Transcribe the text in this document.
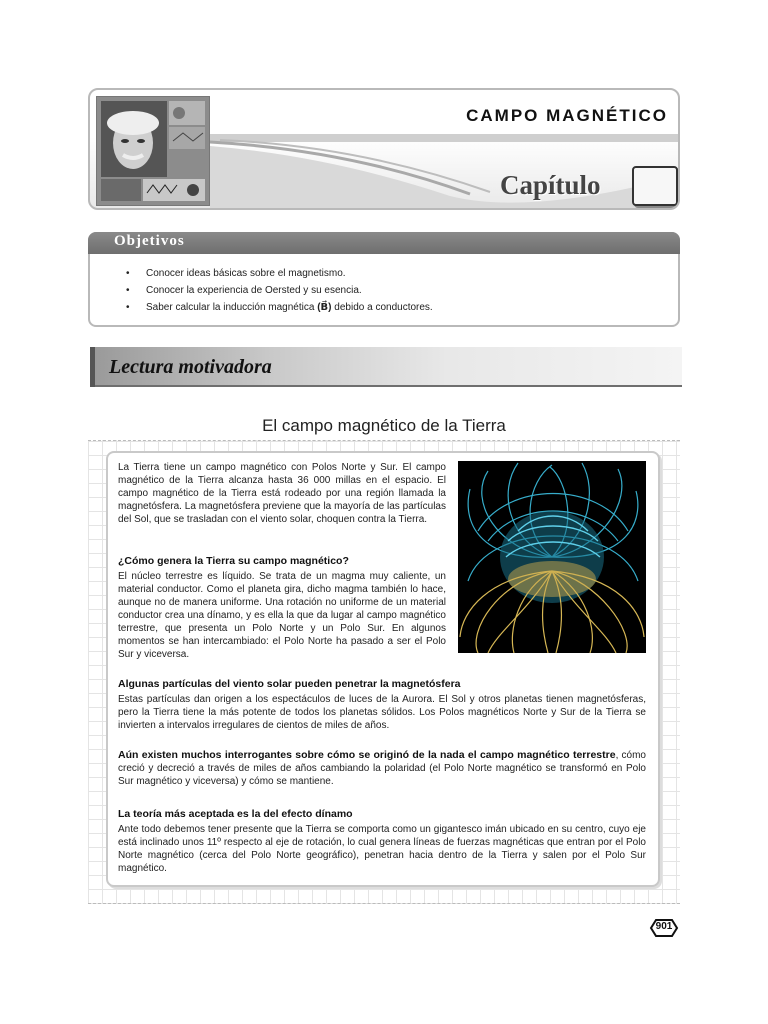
CAMPO MAGNÉTICO
Capítulo
Objetivos
• Conocer ideas básicas sobre el magnetismo.
• Conocer la experiencia de Oersted y su esencia.
• Saber calcular la inducción magnética (B⃗) debido a conductores.
Lectura motivadora
El campo magnético de la Tierra

La Tierra tiene un campo magnético con Polos Norte y Sur. El campo magnético de la Tierra alcanza hasta 36 000 millas en el espacio. El campo magnético de la Tierra está rodeado por una región llamada la magnetósfera. La magnetósfera previene que la mayoría de las partículas del Sol, que se trasladan con el viento solar, choquen contra la Tierra.

¿Cómo genera la Tierra su campo magnético?

El núcleo terrestre es líquido. Se trata de un magma muy caliente, un material conductor. Como el planeta gira, dicho magma también lo hace, aunque no de manera uniforme. Una rotación no uniforme de un material conductor crea una dínamo, y es ella la que da lugar al campo magnético terrestre, que presenta un Polo Norte y un Polo Sur. En algunos momentos se han intercambiado: el Polo Norte ha pasado a ser el Polo Sur y viceversa.

Algunas partículas del viento solar pueden penetrar la magnetósfera

Estas partículas dan origen a los espectáculos de luces de la Aurora. El Sol y otros planetas tienen magnetósferas, pero la Tierra tiene la más potente de todos los planetas sólidos. Los Polos magnéticos Norte y Sur de la Tierra se invierten a intervalos irregulares de cientos de miles de años.

Aún existen muchos interrogantes sobre cómo se originó de la nada el campo magnético terrestre, cómo creció y decreció a través de miles de años cambiando la polaridad (el Polo Norte magnético se transformó en Polo Sur magnético y viceversa) y cómo se mantiene.

La teoría más aceptada es la del efecto dínamo

Ante todo debemos tener presente que la Tierra se comporta como un gigantesco imán ubicado en su centro, cuyo eje está inclinado unos 11º respecto al eje de rotación, lo cual genera líneas de fuerzas magnéticas que entran por el Polo Norte magnético (cerca del Polo Norte geográfico), penetran hacia dentro de la Tierra y salen por el Polo Sur magnético.

901
